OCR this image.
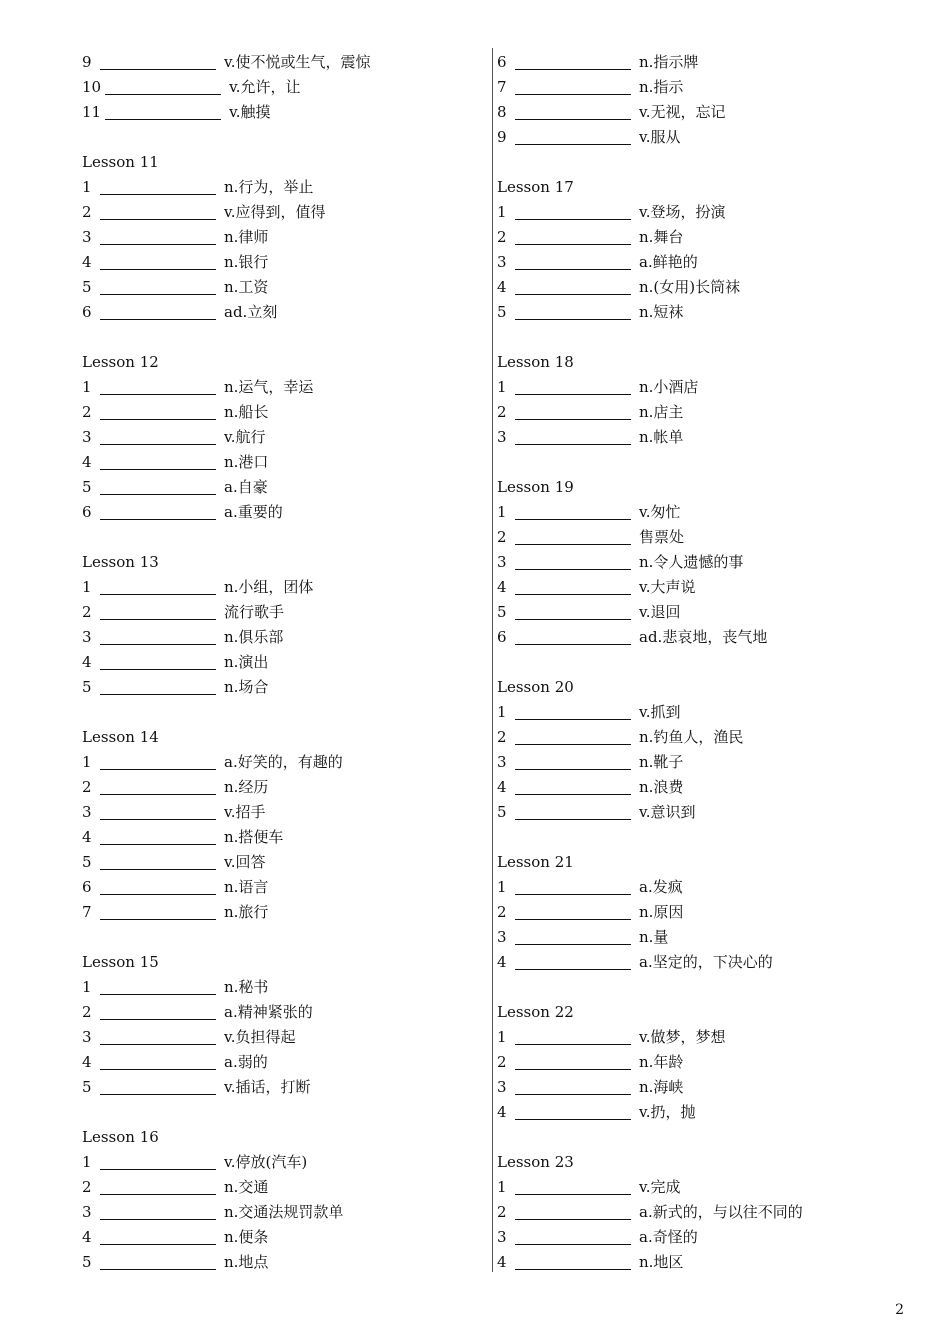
9	v.使不悦或生气，震惊
10	v.允许，让
11	v.触摸
Lesson 11
1	n.行为，举止
2	v.应得到，值得
3	n.律师
4	n.银行
5	n.工资
6	ad.立刻
Lesson 12
1	n.运气，幸运
2	n.船长
3	v.航行
4	n.港口
5	a.自豪
6	a.重要的
Lesson 13
1	n.小组，团体
2	流行歌手
3	n.俱乐部
4	n.演出
5	n.场合
Lesson 14
1	a.好笑的，有趣的
2	n.经历
3	v.招手
4	n.搭便车
5	v.回答
6	n.语言
7	n.旅行
Lesson 15
1	n.秘书
2	a.精神紧张的
3	v.负担得起
4	a.弱的
5	v.插话，打断
Lesson 16
1	v.停放(汽车)
2	n.交通
3	n.交通法规罚款单
4	n.便条
5	n.地点
6	n.指示牌
7	n.指示
8	v.无视，忘记
9	v.服从
Lesson 17
1	v.登场，扮演
2	n.舞台
3	a.鲜艳的
4	n.(女用)长筒袜
5	n.短袜
Lesson 18
1	n.小酒店
2	n.店主
3	n.帐单
Lesson 19
1	v.匆忙
2	售票处
3	n.令人遗憾的事
4	v.大声说
5	v.退回
6	ad.悲哀地，丧气地
Lesson 20
1	v.抓到
2	n.钓鱼人，渔民
3	n.靴子
4	n.浪费
5	v.意识到
Lesson 21
1	a.发疯
2	n.原因
3	n.量
4	a.坚定的，下决心的
Lesson 22
1	v.做梦，梦想
2	n.年龄
3	n.海峡
4	v.扔，抛
Lesson 23
1	v.完成
2	a.新式的，与以往不同的
3	a.奇怪的
4	n.地区
2
